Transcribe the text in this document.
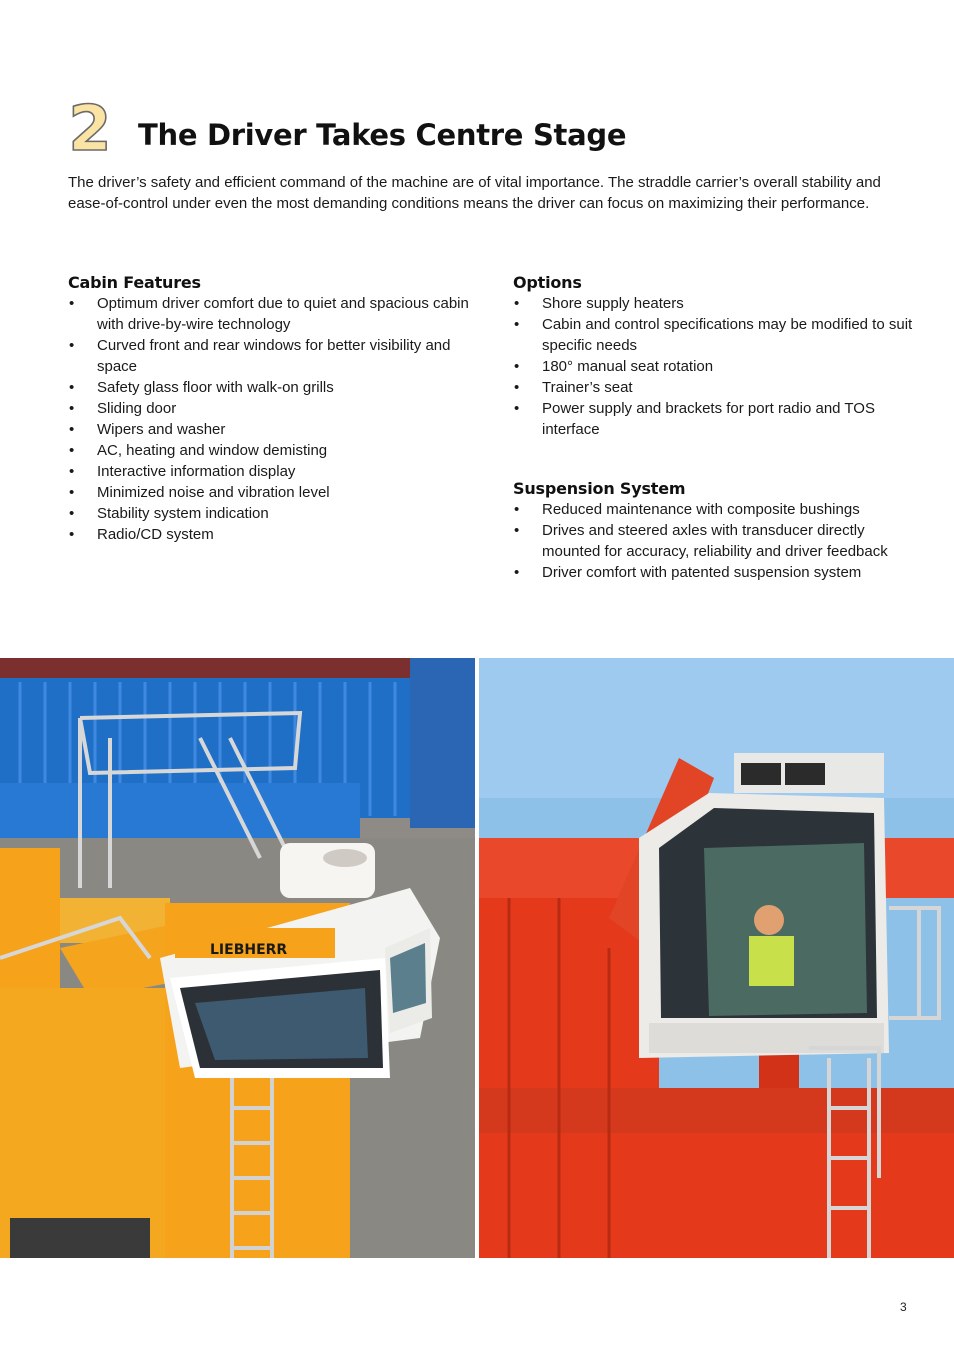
2 The Driver Takes Centre Stage

The driver’s safety and efficient command of the machine are of vital importance. The straddle carrier’s overall stability and ease-of-control under even the most demanding conditions means the driver can focus on maximizing their performance.

Cabin Features
• Optimum driver comfort due to quiet and spacious cabin with drive-by-wire technology
• Curved front and rear windows for better visibility and space
• Safety glass floor with walk-on grills
• Sliding door
• Wipers and washer
• AC, heating and window demisting
• Interactive information display
• Minimized noise and vibration level
• Stability system indication
• Radio/CD system
Options
• Shore supply heaters
• Cabin and control specifications may be modified to suit specific needs
• 180° manual seat rotation
• Trainer’s seat
• Power supply and brackets for port radio and TOS interface
Suspension System
• Reduced maintenance with composite bushings
• Drives and steered axles with transducer directly mounted for accuracy, reliability and driver feedback
• Driver comfort with patented suspension system
LIEBHERR
3
